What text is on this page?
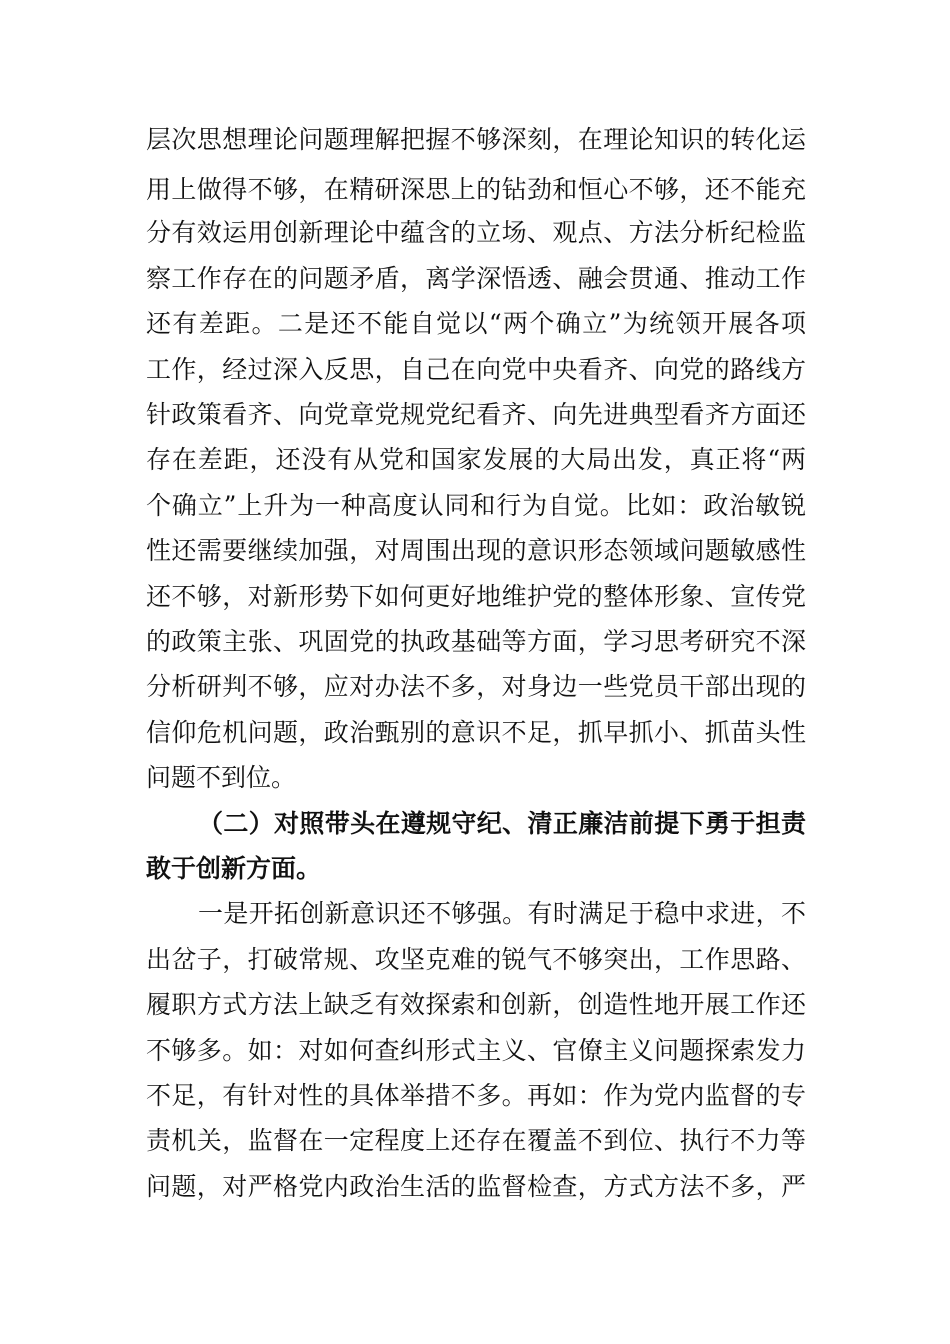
层次思想理论问题理解把握不够深刻，在理论知识的转化运
用上做得不够，在精研深思上的钻劲和恒心不够，还不能充
分有效运用创新理论中蕴含的立场、观点、方法分析纪检监
察工作存在的问题矛盾，离学深悟透、融会贯通、推动工作
还有差距。二是还不能自觉以“两个确立”为统领开展各项
工作，经过深入反思，自己在向党中央看齐、向党的路线方
针政策看齐、向党章党规党纪看齐、向先进典型看齐方面还
存在差距，还没有从党和国家发展的大局出发，真正将“两
个确立”上升为一种高度认同和行为自觉。比如：政治敏锐
性还需要继续加强，对周围出现的意识形态领域问题敏感性
还不够，对新形势下如何更好地维护党的整体形象、宣传党
的政策主张、巩固党的执政基础等方面，学习思考研究不深
分析研判不够，应对办法不多，对身边一些党员干部出现的
信仰危机问题，政治甄别的意识不足，抓早抓小、抓苗头性
问题不到位。
（二）对照带头在遵规守纪、清正廉洁前提下勇于担责
敢于创新方面。
一是开拓创新意识还不够强。有时满足于稳中求进，不
出岔子，打破常规、攻坚克难的锐气不够突出，工作思路、
履职方式方法上缺乏有效探索和创新，创造性地开展工作还
不够多。如：对如何查纠形式主义、官僚主义问题探索发力
不足，有针对性的具体举措不多。再如：作为党内监督的专
责机关，监督在一定程度上还存在覆盖不到位、执行不力等
问题，对严格党内政治生活的监督检查，方式方法不多，严
